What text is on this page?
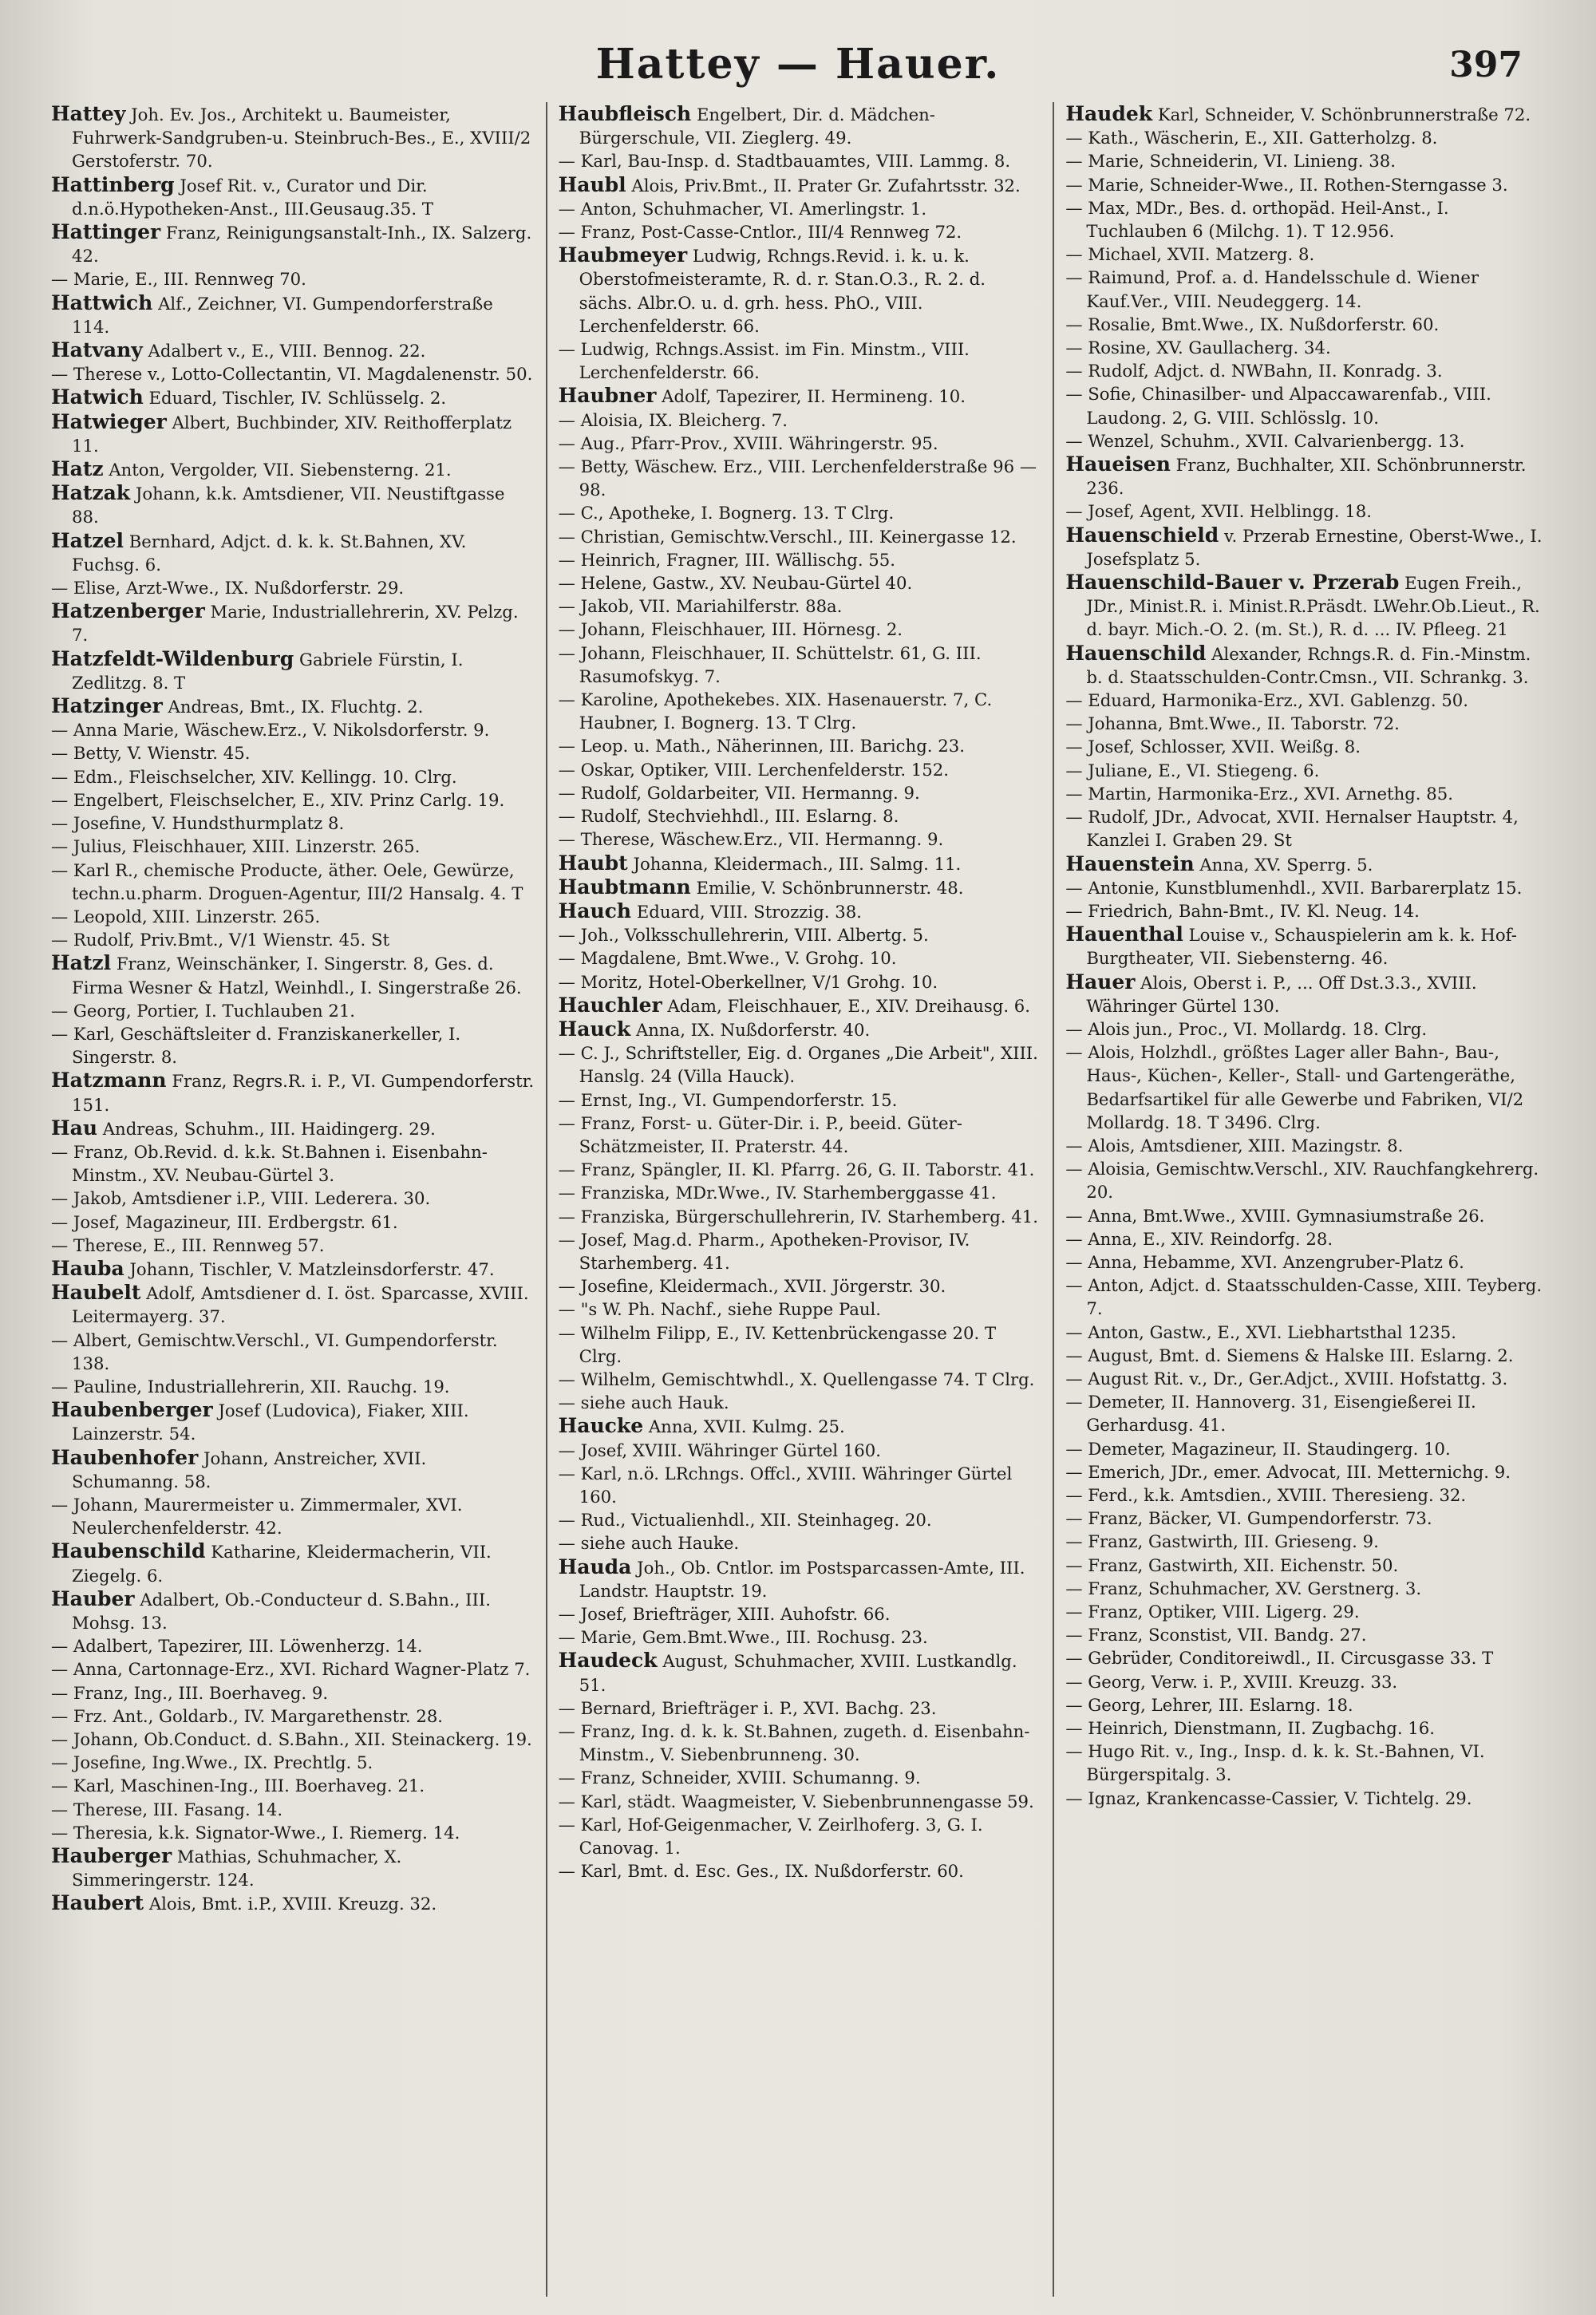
Hattey — Hauer.	397

Hattey Joh. Ev. Jos., Architekt u. Baumeister, Fuhrwerk-Sandgruben-u. Steinbruch-Bes., E., XVIII/2 Gerstoferstr. 70.

Hattinberg Josef Rit. v., Curator und Dir. d.n.ö.Hypotheken-Anst., III.Geusaug.35. T

Hattinger Franz, Reinigungsanstalt-Inh., IX. Salzerg. 42.

— Marie, E., III. Rennweg 70.

Hattwich Alf., Zeichner, VI. Gumpendorferstraße 114.

Hatvany Adalbert v., E., VIII. Bennog. 22.

— Therese v., Lotto-Collectantin, VI. Magdalenenstr. 50.

Hatwich Eduard, Tischler, IV. Schlüsselg. 2.

Hatwieger Albert, Buchbinder, XIV. Reithofferplatz 11.

Hatz Anton, Vergolder, VII. Siebensterng. 21.

Hatzak Johann, k.k. Amtsdiener, VII. Neustiftgasse 88.

Hatzel Bernhard, Adjct. d. k. k. St.Bahnen, XV. Fuchsg. 6.

— Elise, Arzt-Wwe., IX. Nußdorferstr. 29.

Hatzenberger Marie, Industriallehrerin, XV. Pelzg. 7.

Hatzfeldt-Wildenburg Gabriele Fürstin, I. Zedlitzg. 8. T

Hatzinger Andreas, Bmt., IX. Fluchtg. 2.

— Anna Marie, Wäschew.Erz., V. Nikolsdorferstr. 9.

— Betty, V. Wienstr. 45.

— Edm., Fleischselcher, XIV. Kellingg. 10. Clrg.

— Engelbert, Fleischselcher, E., XIV. Prinz Carlg. 19.

— Josefine, V. Hundsthurmplatz 8.

— Julius, Fleischhauer, XIII. Linzerstr. 265.

— Karl R., chemische Producte, äther. Oele, Gewürze, techn.u.pharm. Droguen-Agentur, III/2 Hansalg. 4. T

— Leopold, XIII. Linzerstr. 265.

— Rudolf, Priv.Bmt., V/1 Wienstr. 45. St

Hatzl Franz, Weinschänker, I. Singerstr. 8, Ges. d. Firma Wesner & Hatzl, Weinhdl., I. Singerstraße 26.

— Georg, Portier, I. Tuchlauben 21.

— Karl, Geschäftsleiter d. Franziskanerkeller, I. Singerstr. 8.

Hatzmann Franz, Regrs.R. i. P., VI. Gumpendorferstr. 151.

Hau Andreas, Schuhm., III. Haidingerg. 29.

— Franz, Ob.Revid. d. k.k. St.Bahnen i. Eisenbahn-Minstm., XV. Neubau-Gürtel 3.

— Jakob, Amtsdiener i.P., VIII. Lederera. 30.

— Josef, Magazineur, III. Erdbergstr. 61.

— Therese, E., III. Rennweg 57.

Hauba Johann, Tischler, V. Matzleinsdorferstr. 47.

Haubelt Adolf, Amtsdiener d. I. öst. Sparcasse, XVIII. Leitermayerg. 37.

— Albert, Gemischtw.Verschl., VI. Gumpendorferstr. 138.

— Pauline, Industriallehrerin, XII. Rauchg. 19.

Haubenberger Josef (Ludovica), Fiaker, XIII. Lainzerstr. 54.

Haubenhofer Johann, Anstreicher, XVII. Schumanng. 58.

— Johann, Maurermeister u. Zimmermaler, XVI. Neulerchenfelderstr. 42.

Haubenschild Katharine, Kleidermacherin, VII. Ziegelg. 6.

Hauber Adalbert, Ob.-Conducteur d. S.Bahn., III. Mohsg. 13.

— Adalbert, Tapezirer, III. Löwenherzg. 14.

— Anna, Cartonnage-Erz., XVI. Richard Wagner-Platz 7.

— Franz, Ing., III. Boerhaveg. 9.

— Frz. Ant., Goldarb., IV. Margarethenstr. 28.

— Johann, Ob.Conduct. d. S.Bahn., XII. Steinackerg. 19.

— Josefine, Ing.Wwe., IX. Prechtlg. 5.

— Karl, Maschinen-Ing., III. Boerhaveg. 21.

— Therese, III. Fasang. 14.

— Theresia, k.k. Signator-Wwe., I. Riemerg. 14.

Hauberger Mathias, Schuhmacher, X. Simmeringerstr. 124.

Haubert Alois, Bmt. i.P., XVIII. Kreuzg. 32.

Haubfleisch Engelbert, Dir. d. Mädchen-Bürgerschule, VII. Zieglerg. 49.

— Karl, Bau-Insp. d. Stadtbauamtes, VIII. Lammg. 8.

Haubl Alois, Priv.Bmt., II. Prater Gr. Zufahrtsstr. 32.

— Anton, Schuhmacher, VI. Amerlingstr. 1.

— Franz, Post-Casse-Cntlor., III/4 Rennweg 72.

Haubmeyer Ludwig, Rchngs.Revid. i. k. u. k. Oberstofmeisteramte, R. d. r. Stan.O.3., R. 2. d. sächs. Albr.O. u. d. grh. hess. PhO., VIII. Lerchenfelderstr. 66.

— Ludwig, Rchngs.Assist. im Fin. Minstm., VIII. Lerchenfelderstr. 66.

Haubner Adolf, Tapezirer, II. Hermineng. 10.

— Aloisia, IX. Bleicherg. 7.

— Aug., Pfarr-Prov., XVIII. Währingerstr. 95.

— Betty, Wäschew. Erz., VIII. Lerchenfelderstraße 96 — 98.

— C., Apotheke, I. Bognerg. 13. T Clrg.

— Christian, Gemischtw.Verschl., III. Keinergasse 12.

— Heinrich, Fragner, III. Wällischg. 55.

— Helene, Gastw., XV. Neubau-Gürtel 40.

— Jakob, VII. Mariahilferstr. 88a.

— Johann, Fleischhauer, III. Hörnesg. 2.

— Johann, Fleischhauer, II. Schüttelstr. 61, G. III. Rasumofskyg. 7.

— Karoline, Apothekebes. XIX. Hasenauerstr. 7, C. Haubner, I. Bognerg. 13. T Clrg.

— Leop. u. Math., Näherinnen, III. Barichg. 23.

— Oskar, Optiker, VIII. Lerchenfelderstr. 152.

— Rudolf, Goldarbeiter, VII. Hermanng. 9.

— Rudolf, Stechviehhdl., III. Eslarng. 8.

— Therese, Wäschew.Erz., VII. Hermanng. 9.

Haubt Johanna, Kleidermach., III. Salmg. 11.

Haubtmann Emilie, V. Schönbrunnerstr. 48.

Hauch Eduard, VIII. Strozzig. 38.

— Joh., Volksschullehrerin, VIII. Albertg. 5.

— Magdalene, Bmt.Wwe., V. Grohg. 10.

— Moritz, Hotel-Oberkellner, V/1 Grohg. 10.

Hauchler Adam, Fleischhauer, E., XIV. Dreihausg. 6.

Hauck Anna, IX. Nußdorferstr. 40.

— C. J., Schriftsteller, Eig. d. Organes „Die Arbeit", XIII. Hanslg. 24 (Villa Hauck).

— Ernst, Ing., VI. Gumpendorferstr. 15.

— Franz, Forst- u. Güter-Dir. i. P., beeid. Güter-Schätzmeister, II. Praterstr. 44.

— Franz, Spängler, II. Kl. Pfarrg. 26, G. II. Taborstr. 41.

— Franziska, MDr.Wwe., IV. Starhemberggasse 41.

— Franziska, Bürgerschullehrerin, IV. Starhemberg. 41.

— Josef, Mag.d. Pharm., Apotheken-Provisor, IV. Starhemberg. 41.

— Josefine, Kleidermach., XVII. Jörgerstr. 30.

— "s W. Ph. Nachf., siehe Ruppe Paul.

— Wilhelm Filipp, E., IV. Kettenbrückengasse 20. T Clrg.

— Wilhelm, Gemischtwhdl., X. Quellengasse 74. T Clrg.

— siehe auch Hauk.

Haucke Anna, XVII. Kulmg. 25.

— Josef, XVIII. Währinger Gürtel 160.

— Karl, n.ö. LRchngs. Offcl., XVIII. Währinger Gürtel 160.

— Rud., Victualienhdl., XII. Steinhageg. 20.

— siehe auch Hauke.

Hauda Joh., Ob. Cntlor. im Postsparcassen-Amte, III. Landstr. Hauptstr. 19.

— Josef, Briefträger, XIII. Auhofstr. 66.

— Marie, Gem.Bmt.Wwe., III. Rochusg. 23.

Haudeck August, Schuhmacher, XVIII. Lustkandlg. 51.

— Bernard, Briefträger i. P., XVI. Bachg. 23.

— Franz, Ing. d. k. k. St.Bahnen, zugeth. d. Eisenbahn-Minstm., V. Siebenbrunneng. 30.

— Franz, Schneider, XVIII. Schumanng. 9.

— Karl, städt. Waagmeister, V. Siebenbrunnengasse 59.

— Karl, Hof-Geigenmacher, V. Zeirlhoferg. 3, G. I. Canovag. 1.

— Karl, Bmt. d. Esc. Ges., IX. Nußdorferstr. 60.

Haudek Karl, Schneider, V. Schönbrunnerstraße 72.

— Kath., Wäscherin, E., XII. Gatterholzg. 8.

— Marie, Schneiderin, VI. Linieng. 38.

— Marie, Schneider-Wwe., II. Rothen-Sterngasse 3.

— Max, MDr., Bes. d. orthopäd. Heil-Anst., I. Tuchlauben 6 (Milchg. 1). T 12.956.

— Michael, XVII. Matzerg. 8.

— Raimund, Prof. a. d. Handelsschule d. Wiener Kauf.Ver., VIII. Neudeggerg. 14.

— Rosalie, Bmt.Wwe., IX. Nußdorferstr. 60.

— Rosine, XV. Gaullacherg. 34.

— Rudolf, Adjct. d. NWBahn, II. Konradg. 3.

— Sofie, Chinasilber- und Alpaccawarenfab., VIII. Laudong. 2, G. VIII. Schlösslg. 10.

— Wenzel, Schuhm., XVII. Calvarienbergg. 13.

Haueisen Franz, Buchhalter, XII. Schönbrunnerstr. 236.

— Josef, Agent, XVII. Helblingg. 18.

Hauenschield v. Przerab Ernestine, Oberst-Wwe., I. Josefsplatz 5.

Hauenschild-Bauer v. Przerab Eugen Freih., JDr., Minist.R. i. Minist.R.Präsdt. LWehr.Ob.Lieut., R. d. bayr. Mich.-O. 2. (m. St.), R. d. ... IV. Pfleeg. 21

Hauenschild Alexander, Rchngs.R. d. Fin.-Minstm. b. d. Staatsschulden-Contr.Cmsn., VII. Schrankg. 3.

— Eduard, Harmonika-Erz., XVI. Gablenzg. 50.

— Johanna, Bmt.Wwe., II. Taborstr. 72.

— Josef, Schlosser, XVII. Weißg. 8.

— Juliane, E., VI. Stiegeng. 6.

— Martin, Harmonika-Erz., XVI. Arnethg. 85.

— Rudolf, JDr., Advocat, XVII. Hernalser Hauptstr. 4, Kanzlei I. Graben 29. St

Hauenstein Anna, XV. Sperrg. 5.

— Antonie, Kunstblumenhdl., XVII. Barbarerplatz 15.

— Friedrich, Bahn-Bmt., IV. Kl. Neug. 14.

Hauenthal Louise v., Schauspielerin am k. k. Hof-Burgtheater, VII. Siebensterng. 46.

Hauer Alois, Oberst i. P., ... Off Dst.3.3., XVIII. Währinger Gürtel 130.

— Alois jun., Proc., VI. Mollardg. 18. Clrg.

— Alois, Holzhdl., größtes Lager aller Bahn-, Bau-, Haus-, Küchen-, Keller-, Stall- und Gartengeräthe, Bedarfsartikel für alle Gewerbe und Fabriken, VI/2 Mollardg. 18. T 3496. Clrg.

— Alois, Amtsdiener, XIII. Mazingstr. 8.

— Aloisia, Gemischtw.Verschl., XIV. Rauchfangkehrerg. 20.

— Anna, Bmt.Wwe., XVIII. Gymnasiumstraße 26.

— Anna, E., XIV. Reindorfg. 28.

— Anna, Hebamme, XVI. Anzengruber-Platz 6.

— Anton, Adjct. d. Staatsschulden-Casse, XIII. Teyberg. 7.

— Anton, Gastw., E., XVI. Liebhartsthal 1235.

— August, Bmt. d. Siemens & Halske III. Eslarng. 2.

— August Rit. v., Dr., Ger.Adjct., XVIII. Hofstattg. 3.

— Demeter, II. Hannoverg. 31, Eisengießerei II. Gerhardusg. 41.

— Demeter, Magazineur, II. Staudingerg. 10.

— Emerich, JDr., emer. Advocat, III. Metternichg. 9.

— Ferd., k.k. Amtsdien., XVIII. Theresieng. 32.

— Franz, Bäcker, VI. Gumpendorferstr. 73.

— Franz, Gastwirth, III. Grieseng. 9.

— Franz, Gastwirth, XII. Eichenstr. 50.

— Franz, Schuhmacher, XV. Gerstnerg. 3.

— Franz, Optiker, VIII. Ligerg. 29.

— Franz, Sconstist, VII. Bandg. 27.

— Gebrüder, Conditoreiwdl., II. Circusgasse 33. T

— Georg, Verw. i. P., XVIII. Kreuzg. 33.

— Georg, Lehrer, III. Eslarng. 18.

— Heinrich, Dienstmann, II. Zugbachg. 16.

— Hugo Rit. v., Ing., Insp. d. k. k. St.-Bahnen, VI. Bürgerspitalg. 3.

— Ignaz, Krankencasse-Cassier, V. Tichtelg. 29.
